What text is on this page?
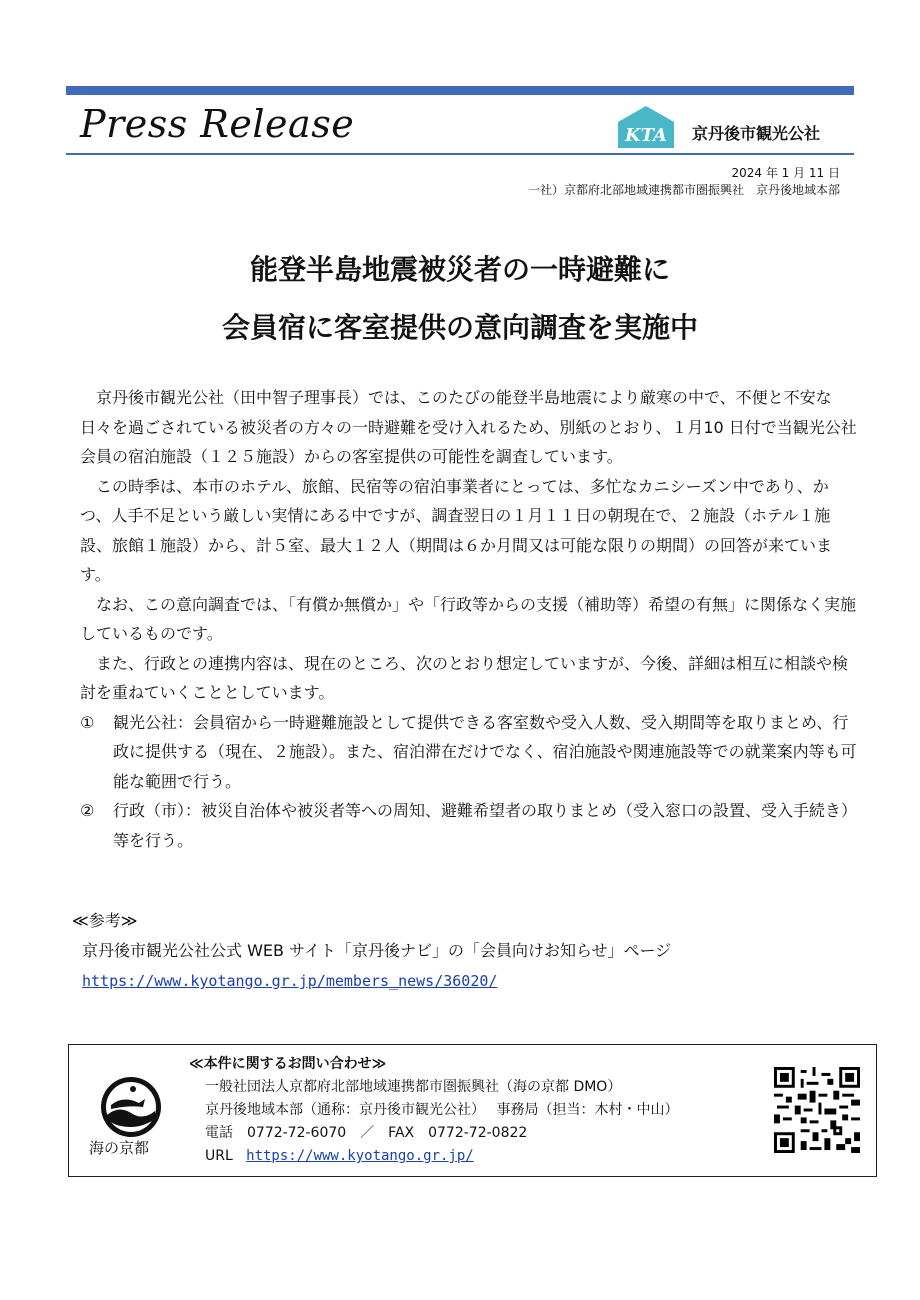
Press Release	KTA 京丹後市観光公社
2024 年 1 月 11 日
一社）京都府北部地域連携都市圏振興社　京丹後地域本部
能登半島地震被災者の一時避難に
会員宿に客室提供の意向調査を実施中

京丹後市観光公社（田中智子理事長）では、このたびの能登半島地震により厳寒の中で、不便と不安な日々を過ごされている被災者の方々の一時避難を受け入れるため、別紙のとおり、１月10 日付で当観光公社会員の宿泊施設（１２５施設）からの客室提供の可能性を調査しています。

この時季は、本市のホテル、旅館、民宿等の宿泊事業者にとっては、多忙なカニシーズン中であり、かつ、人手不足という厳しい実情にある中ですが、調査翌日の１月１１日の朝現在で、２施設（ホテル１施設、旅館１施設）から、計５室、最大１２人（期間は６か月間又は可能な限りの期間）の回答が来ています。

なお、この意向調査では、「有償か無償か」や「行政等からの支援（補助等）希望の有無」に関係なく実施しているものです。

また、行政との連携内容は、現在のところ、次のとおり想定していますが、今後、詳細は相互に相談や検討を重ねていくこととしています。

① 観光公社：会員宿から一時避難施設として提供できる客室数や受入人数、受入期間等を取りまとめ、行政に提供する（現在、２施設）。また、宿泊滞在だけでなく、宿泊施設や関連施設等での就業案内等も可能な範囲で行う。
② 行政（市）：被災自治体や被災者等への周知、避難希望者の取りまとめ（受入窓口の設置、受入手続き）等を行う。
≪参考≫
京丹後市観光公社公式 WEB サイト「京丹後ナビ」の「会員向けお知らせ」ページ
https://www.kyotango.gr.jp/members_news/36020/
海の京都
≪本件に関するお問い合わせ≫
一般社団法人京都府北部地域連携都市圏振興社（海の京都 DMO）
京丹後地域本部（通称：京丹後市観光公社）　 事務局（担当：木村・中山）
電話　0772-72-6070　／　FAX　0772-72-0822
URL https://www.kyotango.gr.jp/
